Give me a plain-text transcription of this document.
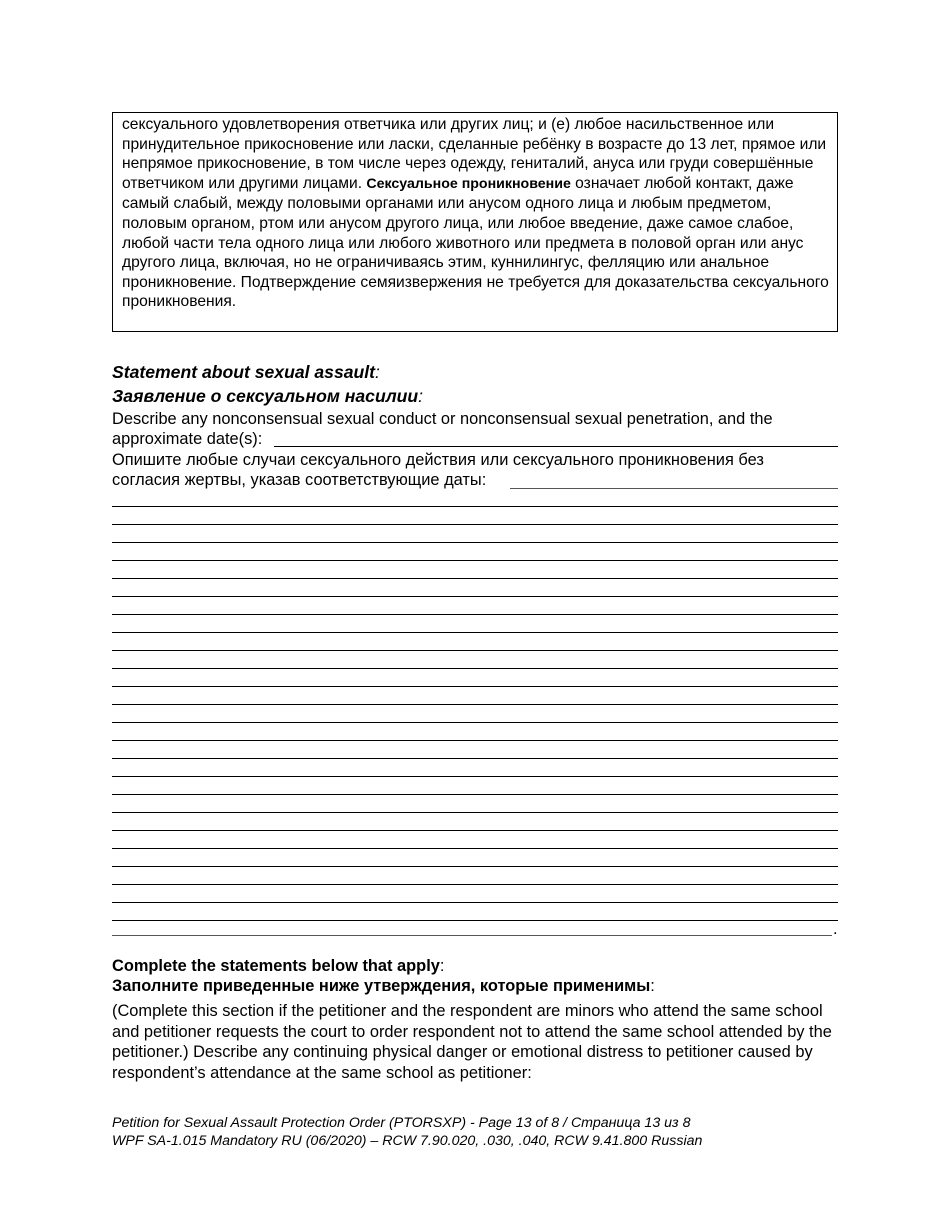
сексуального удовлетворения ответчика или других лиц; и (e) любое насильственное или принудительное прикосновение или ласки, сделанные ребёнку в возрасте до 13 лет, прямое или непрямое прикосновение, в том числе через одежду, гениталий, ануса или груди совершённые ответчиком или другими лицами. Сексуальное проникновение означает любой контакт, даже самый слабый, между половыми органами или анусом одного лица и любым предметом, половым органом, ртом или анусом другого лица, или любое введение, даже самое слабое, любой части тела одного лица или любого животного или предмета в половой орган или анус другого лица, включая, но не ограничиваясь этим, куннилингус, фелляцию или анальное проникновение. Подтверждение семяизвержения не требуется для доказательства сексуального проникновения.
Statement about sexual assault:
Заявление о сексуальном насилии:
Describe any nonconsensual sexual conduct or nonconsensual sexual penetration, and the
approximate date(s):
Опишите любые случаи сексуального действия или сексуального проникновения без
согласия жертвы, указав соответствующие даты:
.
Complete the statements below that apply:
Заполните приведенные ниже утверждения, которые применимы:
(Complete this section if the petitioner and the respondent are minors who attend the same school and petitioner requests the court to order respondent not to attend the same school attended by the petitioner.) Describe any continuing physical danger or emotional distress to petitioner caused by respondent’s attendance at the same school as petitioner:
Petition for Sexual Assault Protection Order (PTORSXP) - Page 13 of 8 / Страница 13 из 8
WPF SA-1.015 Mandatory RU (06/2020) – RCW 7.90.020, .030, .040, RCW 9.41.800 Russian
